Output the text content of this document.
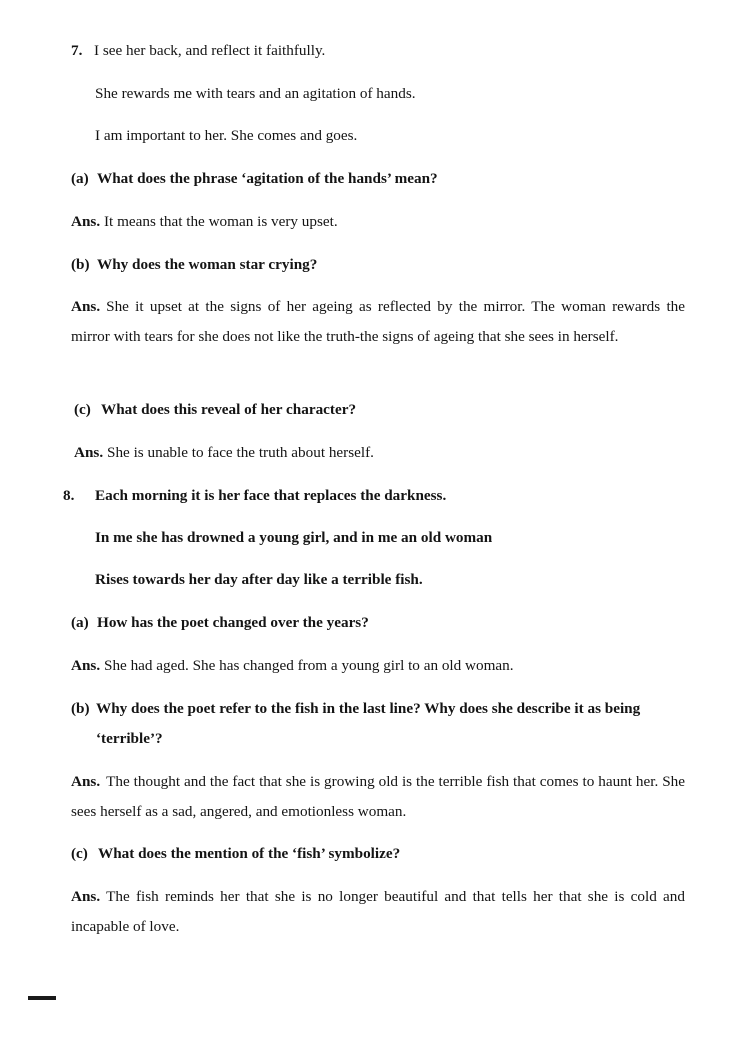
7. I see her back, and reflect it faithfully.
She rewards me with tears and an agitation of hands.
I am important to her. She comes and goes.
(a) What does the phrase ‘agitation of the hands’ mean?
Ans. It means that the woman is very upset.
(b) Why does the woman star crying?
Ans. She it upset at the signs of her ageing as reflected by the mirror. The woman rewards the mirror with tears for she does not like the truth-the signs of ageing that she sees in herself.
(c) What does this reveal of her character?
Ans. She is unable to face the truth about herself.
8. Each morning it is her face that replaces the darkness.
In me she has drowned a young girl, and in me an old woman
Rises towards her day after day like a terrible fish.
(a) How has the poet changed over the years?
Ans. She had aged. She has changed from a young girl to an old woman.
(b) Why does the poet refer to the fish in the last line? Why does she describe it as being ‘terrible’?
Ans. The thought and the fact that she is growing old is the terrible fish that comes to haunt her. She sees herself as a sad, angered, and emotionless woman.
(c) What does the mention of the ‘fish’ symbolize?
Ans. The fish reminds her that she is no longer beautiful and that tells her that she is cold and incapable of love.
